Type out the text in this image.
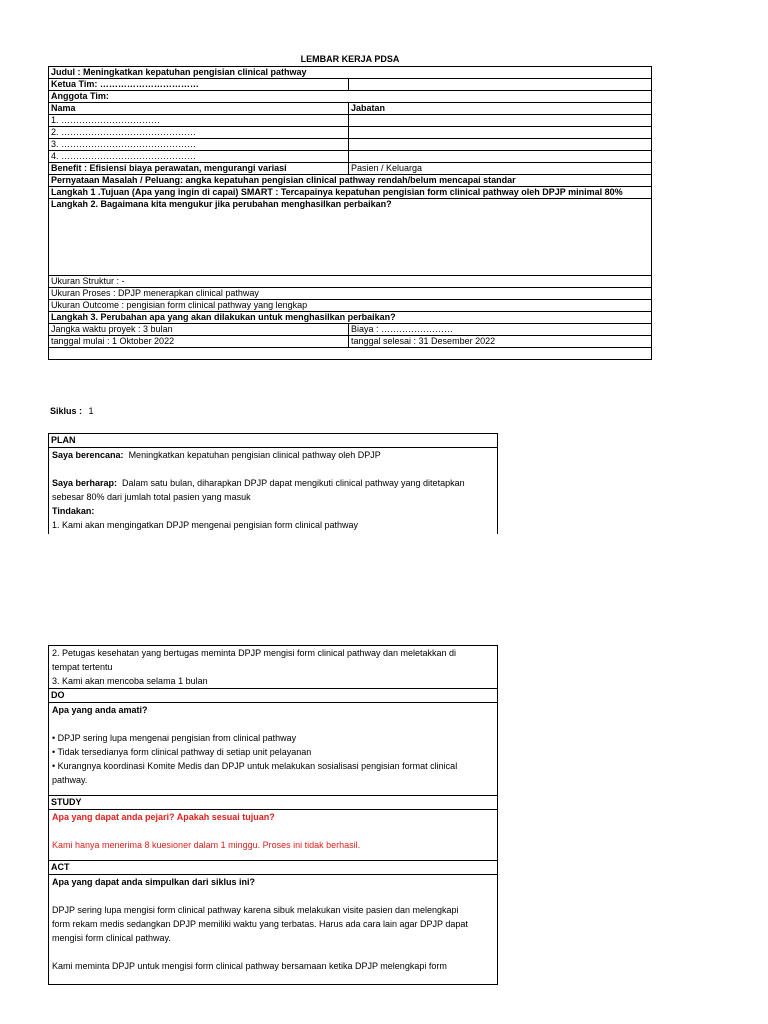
LEMBAR KERJA PDSA
Judul : Meningkatkan kepatuhan pengisian clinical pathway	
Ketua Tim: ……………………………	
Anggota Tim:	
Nama	Jabatan
1. ……………………………	
2. ………………………………………	
3. ………………………………………	
4. ………………………………………	
Benefit : Efisiensi biaya perawatan, mengurangi variasi	Pasien / Keluarga
Pernyataan Masalah / Peluang: angka kepatuhan pengisian clinical pathway rendah/belum mencapai standar	
Langkah 1 .Tujuan (Apa yang ingin di capai) SMART : Tercapainya kepatuhan pengisian form clinical pathway oleh DPJP minimal 80%	
Langkah 2. Bagaimana kita mengukur jika perubahan menghasilkan perbaikan?	
Ukuran Struktur : -	
Ukuran Proses : DPJP menerapkan clinical pathway	
Ukuran Outcome : pengisian form clinical pathway yang lengkap	
Langkah 3. Perubahan apa yang akan dilakukan untuk menghasilkan perbaikan?	
Jangka waktu proyek : 3 bulan	Biaya : ……………………
tanggal mulai : 1 Oktober 2022	tanggal selesai : 31 Desember 2022

Siklus : 1
PLAN
Saya berencana: Meningkatkan kepatuhan pengisian clinical pathway oleh DPJP
Saya berharap: Dalam satu bulan, diharapkan DPJP dapat mengikuti clinical pathway yang ditetapkan
sebesar 80% dari jumlah total pasien yang masuk
Tindakan:
1. Kami akan mengingatkan DPJP mengenai pengisian form clinical pathway
2. Petugas kesehatan yang bertugas meminta DPJP mengisi form clinical pathway dan meletakkan di
tempat tertentu
3. Kami akan mencoba selama 1 bulan
DO
Apa yang anda amati?
• DPJP sering lupa mengenai pengisian from clinical pathway
• Tidak tersedianya form clinical pathway di setiap unit pelayanan
• Kurangnya koordinasi Komite Medis dan DPJP untuk melakukan sosialisasi pengisian format clinical
pathway.
STUDY
Apa yang dapat anda pejari? Apakah sesuai tujuan?
Kami hanya menerima 8 kuesioner dalam 1 minggu. Proses ini tidak berhasil.
ACT
Apa yang dapat anda simpulkan dari siklus ini?
DPJP sering lupa mengisi form clinical pathway karena sibuk melakukan visite pasien dan melengkapi
form rekam medis sedangkan DPJP memiliki waktu yang terbatas. Harus ada cara lain agar DPJP dapat
mengisi form clinical pathway.
Kami meminta DPJP untuk mengisi form clinical pathway bersamaan ketika DPJP melengkapi form
